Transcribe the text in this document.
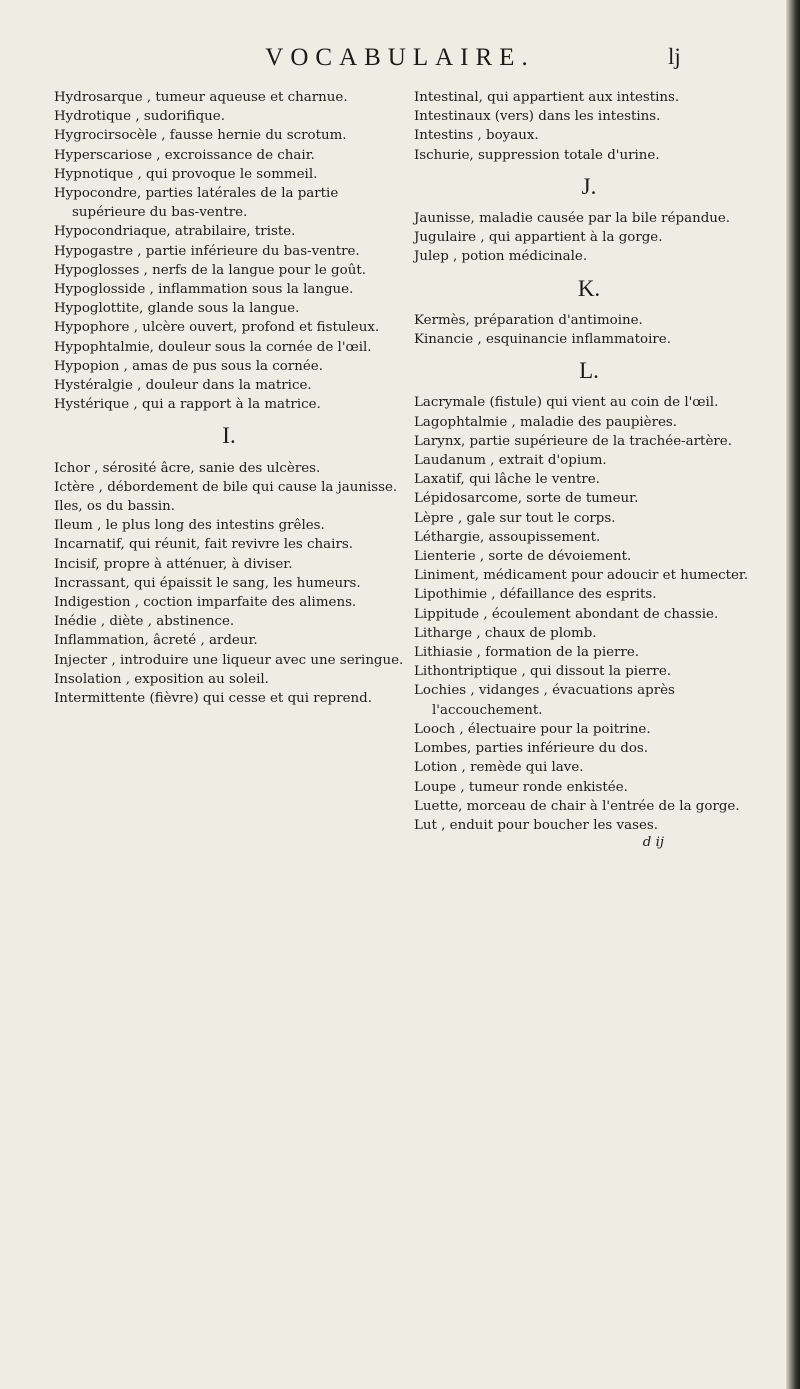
VOCABULAIRE.	lj
Hydrosarque , tumeur aqueuse et charnue.
Hydrotique , sudorifique.
Hygrocirsocèle , fausse hernie du scrotum.
Hyperscariose , excroissance de chair.
Hypnotique , qui provoque le sommeil.
Hypocondre, parties latérales de la partie supérieure du bas-ventre.
Hypocondriaque, atrabilaire, triste.
Hypogastre , partie inférieure du bas-ventre.
Hypoglosses , nerfs de la langue pour le goût.
Hypoglosside , inflammation sous la langue.
Hypoglottite, glande sous la langue.
Hypophore , ulcère ouvert, profond et fistuleux.
Hypophtalmie, douleur sous la cornée de l'œil.
Hypopion , amas de pus sous la cornée.
Hystéralgie , douleur dans la matrice.
Hystérique , qui a rapport à la matrice.
I.
Ichor , sérosité âcre, sanie des ulcères.
Ictère , débordement de bile qui cause la jaunisse.
Iles, os du bassin.
Ileum , le plus long des intestins grêles.
Incarnatif, qui réunit, fait revivre les chairs.
Incisif, propre à atténuer, à diviser.
Incrassant, qui épaissit le sang, les humeurs.
Indigestion , coction imparfaite des alimens.
Inédie , diète , abstinence.
Inflammation, âcreté , ardeur.
Injecter , introduire une liqueur avec une seringue.
Insolation , exposition au soleil.
Intermittente (fièvre) qui cesse et qui reprend.
Intestinal, qui appartient aux intestins.
Intestinaux (vers) dans les intestins.
Intestins , boyaux.
Ischurie, suppression totale d'urine.
J.
Jaunisse, maladie causée par la bile répandue.
Jugulaire , qui appartient à la gorge.
Julep , potion médicinale.
K.
Kermès, préparation d'antimoine.
Kinancie , esquinancie inflammatoire.
L.
Lacrymale (fistule) qui vient au coin de l'œil.
Lagophtalmie , maladie des paupières.
Larynx, partie supérieure de la trachée-artère.
Laudanum , extrait d'opium.
Laxatif, qui lâche le ventre.
Lépidosarcome, sorte de tumeur.
Lèpre , gale sur tout le corps.
Léthargie, assoupissement.
Lienterie , sorte de dévoiement.
Liniment, médicament pour adoucir et humecter.
Lipothimie , défaillance des esprits.
Lippitude , écoulement abondant de chassie.
Litharge , chaux de plomb.
Lithiasie , formation de la pierre.
Lithontriptique , qui dissout la pierre.
Lochies , vidanges , évacuations après l'accouchement.
Looch , électuaire pour la poitrine.
Lombes, parties inférieure du dos.
Lotion , remède qui lave.
Loupe , tumeur ronde enkistée.
Luette, morceau de chair à l'entrée de la gorge.
Lut , enduit pour boucher les vases.
d ij
